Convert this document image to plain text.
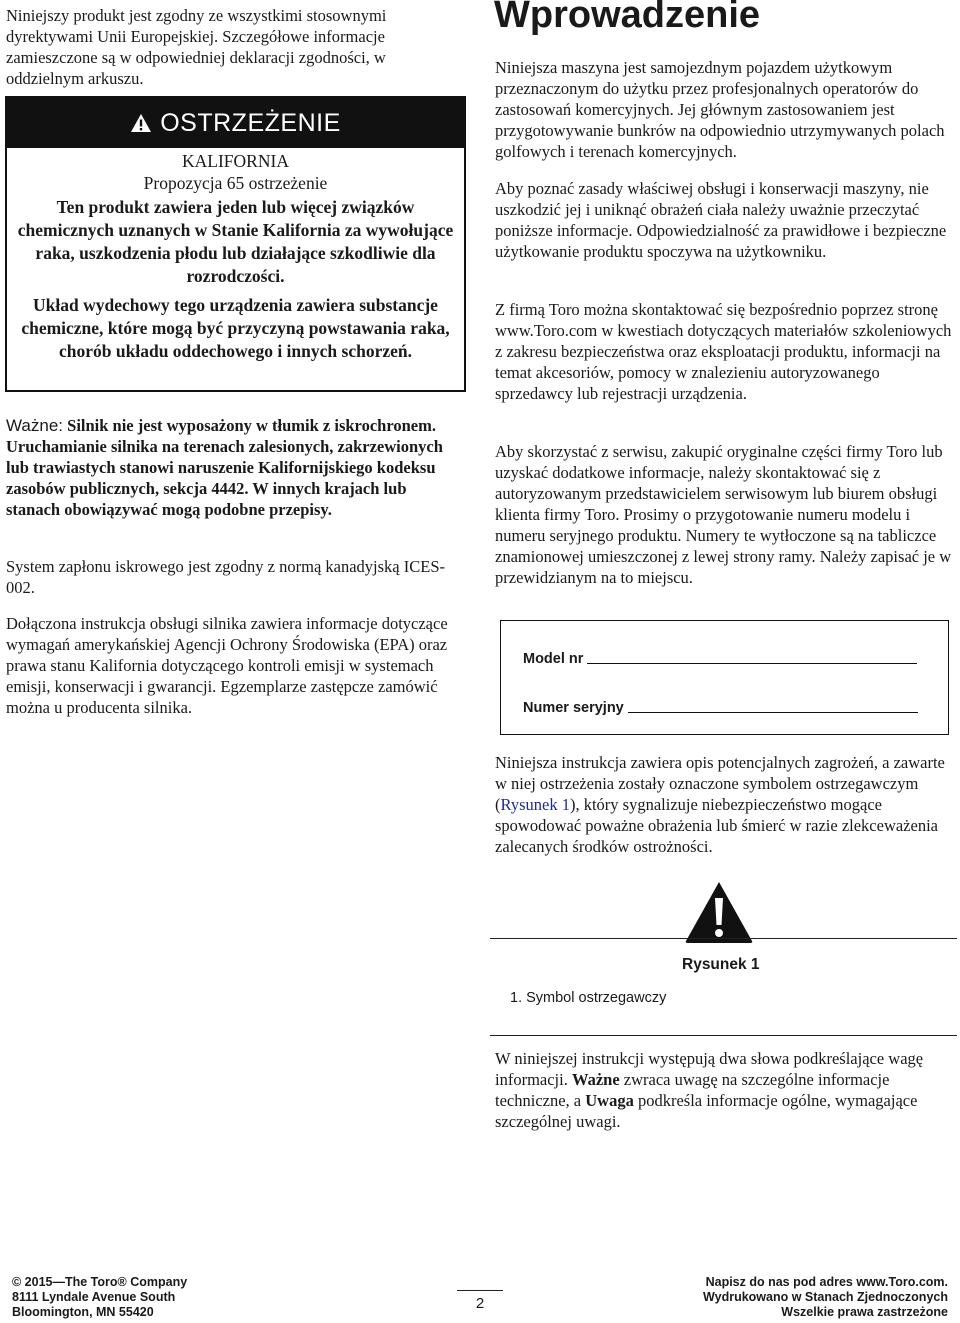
Niniejszy produkt jest zgodny ze wszystkimi stosownymi dyrektywami Unii Europejskiej. Szczegółowe informacje zamieszczone są w odpowiedniej deklaracji zgodności, w oddzielnym arkuszu.

OSTRZEŻENIE
KALIFORNIA
Propozycja 65 ostrzeżenie
Ten produkt zawiera jeden lub więcej związków chemicznych uznanych w Stanie Kalifornia za wywołujące raka, uszkodzenia płodu lub działające szkodliwie dla rozrodczości.
Układ wydechowy tego urządzenia zawiera substancje chemiczne, które mogą być przyczyną powstawania raka, chorób układu oddechowego i innych schorzeń.

Ważne: Silnik nie jest wyposażony w tłumik z iskrochronem. Uruchamianie silnika na terenach zalesionych, zakrzewionych lub trawiastych stanowi naruszenie Kalifornijskiego kodeksu zasobów publicznych, sekcja 4442. W innych krajach lub stanach obowiązywać mogą podobne przepisy.

System zapłonu iskrowego jest zgodny z normą kanadyjską ICES-002.

Dołączona instrukcja obsługi silnika zawiera informacje dotyczące wymagań amerykańskiej Agencji Ochrony Środowiska (EPA) oraz prawa stanu Kalifornia dotyczącego kontroli emisji w systemach emisji, konserwacji i gwarancji. Egzemplarze zastępcze zamówić można u producenta silnika.

Wprowadzenie

Niniejsza maszyna jest samojezdnym pojazdem użytkowym przeznaczonym do użytku przez profesjonalnych operatorów do zastosowań komercyjnych. Jej głównym zastosowaniem jest przygotowywanie bunkrów na odpowiednio utrzymywanych polach golfowych i terenach komercyjnych.

Aby poznać zasady właściwej obsługi i konserwacji maszyny, nie uszkodzić jej i uniknąć obrażeń ciała należy uważnie przeczytać poniższe informacje. Odpowiedzialność za prawidłowe i bezpieczne użytkowanie produktu spoczywa na użytkowniku.

Z firmą Toro można skontaktować się bezpośrednio poprzez stronę www.Toro.com w kwestiach dotyczących materiałów szkoleniowych z zakresu bezpieczeństwa oraz eksploatacji produktu, informacji na temat akcesoriów, pomocy w znalezieniu autoryzowanego sprzedawcy lub rejestracji urządzenia.

Aby skorzystać z serwisu, zakupić oryginalne części firmy Toro lub uzyskać dodatkowe informacje, należy skontaktować się z autoryzowanym przedstawicielem serwisowym lub biurem obsługi klienta firmy Toro. Prosimy o przygotowanie numeru modelu i numeru seryjnego produktu. Numery te wytłoczone są na tabliczce znamionowej umieszczonej z lewej strony ramy. Należy zapisać je w przewidzianym na to miejscu.

Model nr
Numer seryjny

Niniejsza instrukcja zawiera opis potencjalnych zagrożeń, a zawarte w niej ostrzeżenia zostały oznaczone symbolem ostrzegawczym (Rysunek 1), który sygnalizuje niebezpieczeństwo mogące spowodować poważne obrażenia lub śmierć w razie zlekceważenia zalecanych środków ostrożności.

Rysunek 1
1. Symbol ostrzegawczy

W niniejszej instrukcji występują dwa słowa podkreślające wagę informacji. Ważne zwraca uwagę na szczególne informacje techniczne, a Uwaga podkreśla informacje ogólne, wymagające szczególnej uwagi.

© 2015—The Toro® Company
8111 Lyndale Avenue South
Bloomington, MN 55420	2
Napisz do nas pod adres www.Toro.com.
Wydrukowano w Stanach Zjednoczonych
Wszelkie prawa zastrzeżone
